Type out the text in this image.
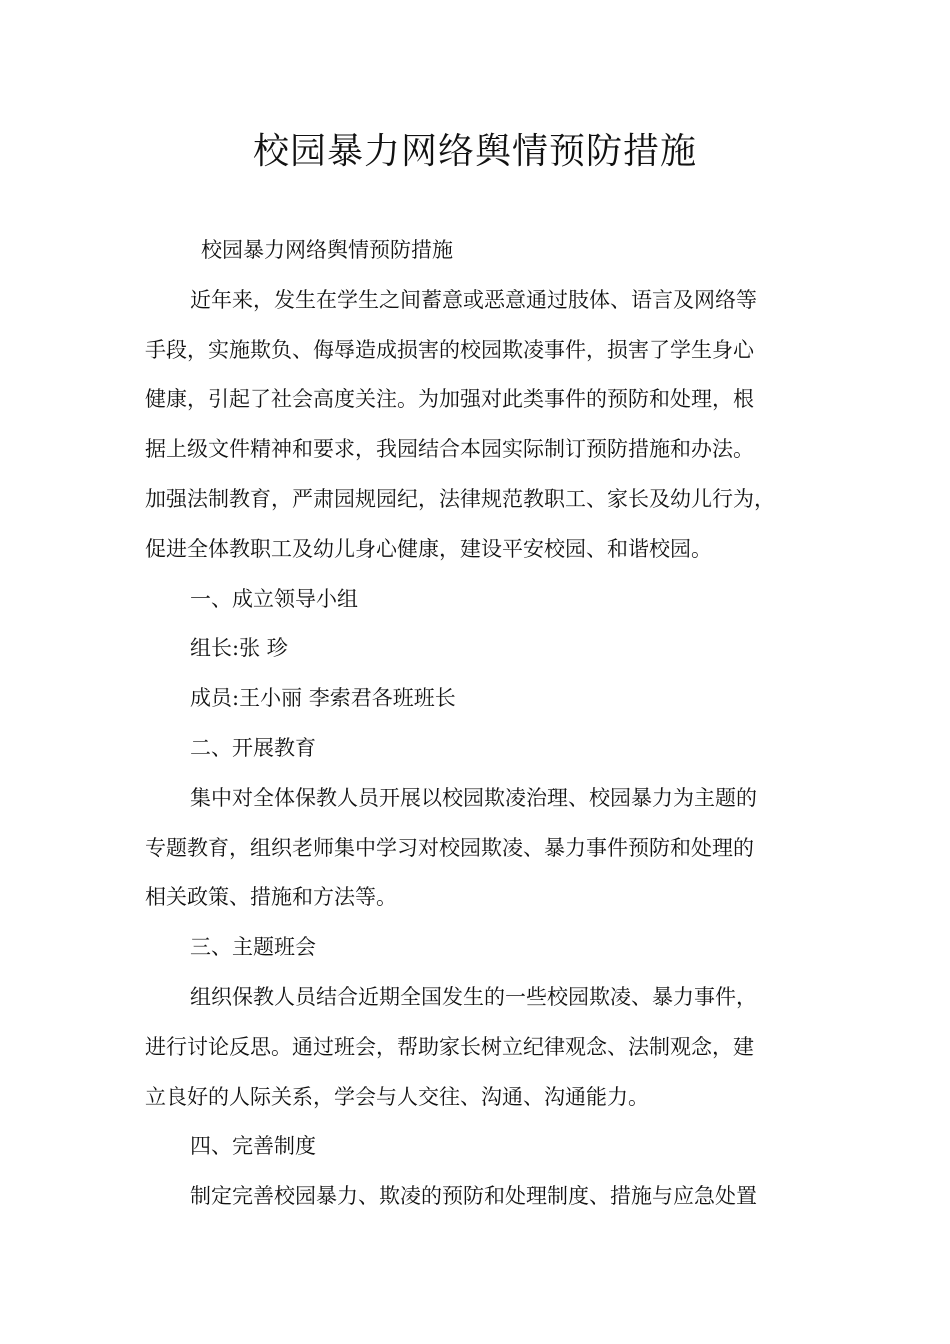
校园暴力网络舆情预防措施

校园暴力网络舆情预防措施

近年来，发生在学生之间蓄意或恶意通过肢体、语言及网络等

手段，实施欺负、侮辱造成损害的校园欺凌事件，损害了学生身心

健康，引起了社会高度关注。为加强对此类事件的预防和处理，根

据上级文件精神和要求，我园结合本园实际制订预防措施和办法。

加强法制教育，严肃园规园纪，法律规范教职工、家长及幼儿行为，

促进全体教职工及幼儿身心健康，建设平安校园、和谐校园。

一、成立领导小组

组长:张 珍

成员:王小丽 李索君各班班长

二、开展教育

集中对全体保教人员开展以校园欺凌治理、校园暴力为主题的

专题教育，组织老师集中学习对校园欺凌、暴力事件预防和处理的

相关政策、措施和方法等。

三、主题班会

组织保教人员结合近期全国发生的一些校园欺凌、暴力事件，

进行讨论反思。通过班会，帮助家长树立纪律观念、法制观念，建

立良好的人际关系，学会与人交往、沟通、沟通能力。

四、完善制度

制定完善校园暴力、欺凌的预防和处理制度、措施与应急处置
